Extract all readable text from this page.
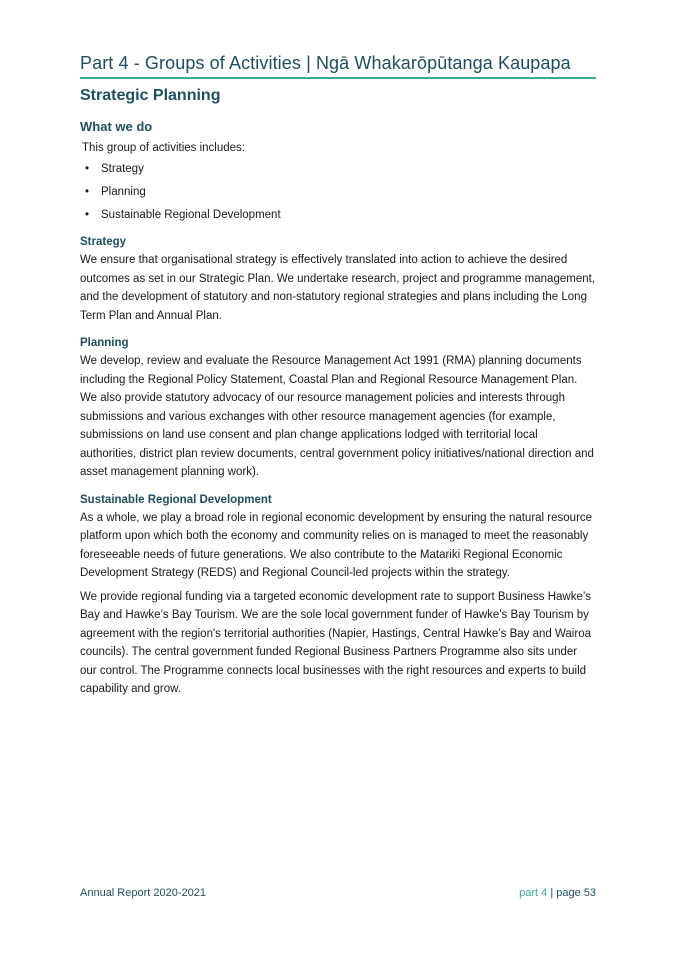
Part 4 - Groups of Activities | Ngā Whakarōpūtanga Kaupapa
Strategic Planning
What we do
This group of activities includes:
• Strategy
• Planning
• Sustainable Regional Development
Strategy
We ensure that organisational strategy is effectively translated into action to achieve the desired outcomes as set in our Strategic Plan. We undertake research, project and programme management, and the development of statutory and non-statutory regional strategies and plans including the Long Term Plan and Annual Plan.
Planning
We develop, review and evaluate the Resource Management Act 1991 (RMA) planning documents including the Regional Policy Statement, Coastal Plan and Regional Resource Management Plan. We also provide statutory advocacy of our resource management policies and interests through submissions and various exchanges with other resource management agencies (for example, submissions on land use consent and plan change applications lodged with territorial local authorities, district plan review documents, central government policy initiatives/national direction and asset management planning work).
Sustainable Regional Development
As a whole, we play a broad role in regional economic development by ensuring the natural resource platform upon which both the economy and community relies on is managed to meet the reasonably foreseeable needs of future generations. We also contribute to the Matariki Regional Economic Development Strategy (REDS) and Regional Council-led projects within the strategy.
We provide regional funding via a targeted economic development rate to support Business Hawke’s Bay and Hawke’s Bay Tourism. We are the sole local government funder of Hawke's Bay Tourism by agreement with the region's territorial authorities (Napier, Hastings, Central Hawke’s Bay and Wairoa councils). The central government funded Regional Business Partners Programme also sits under our control. The Programme connects local businesses with the right resources and experts to build capability and grow.
Annual Report 2020-2021	part 4 | page 53
